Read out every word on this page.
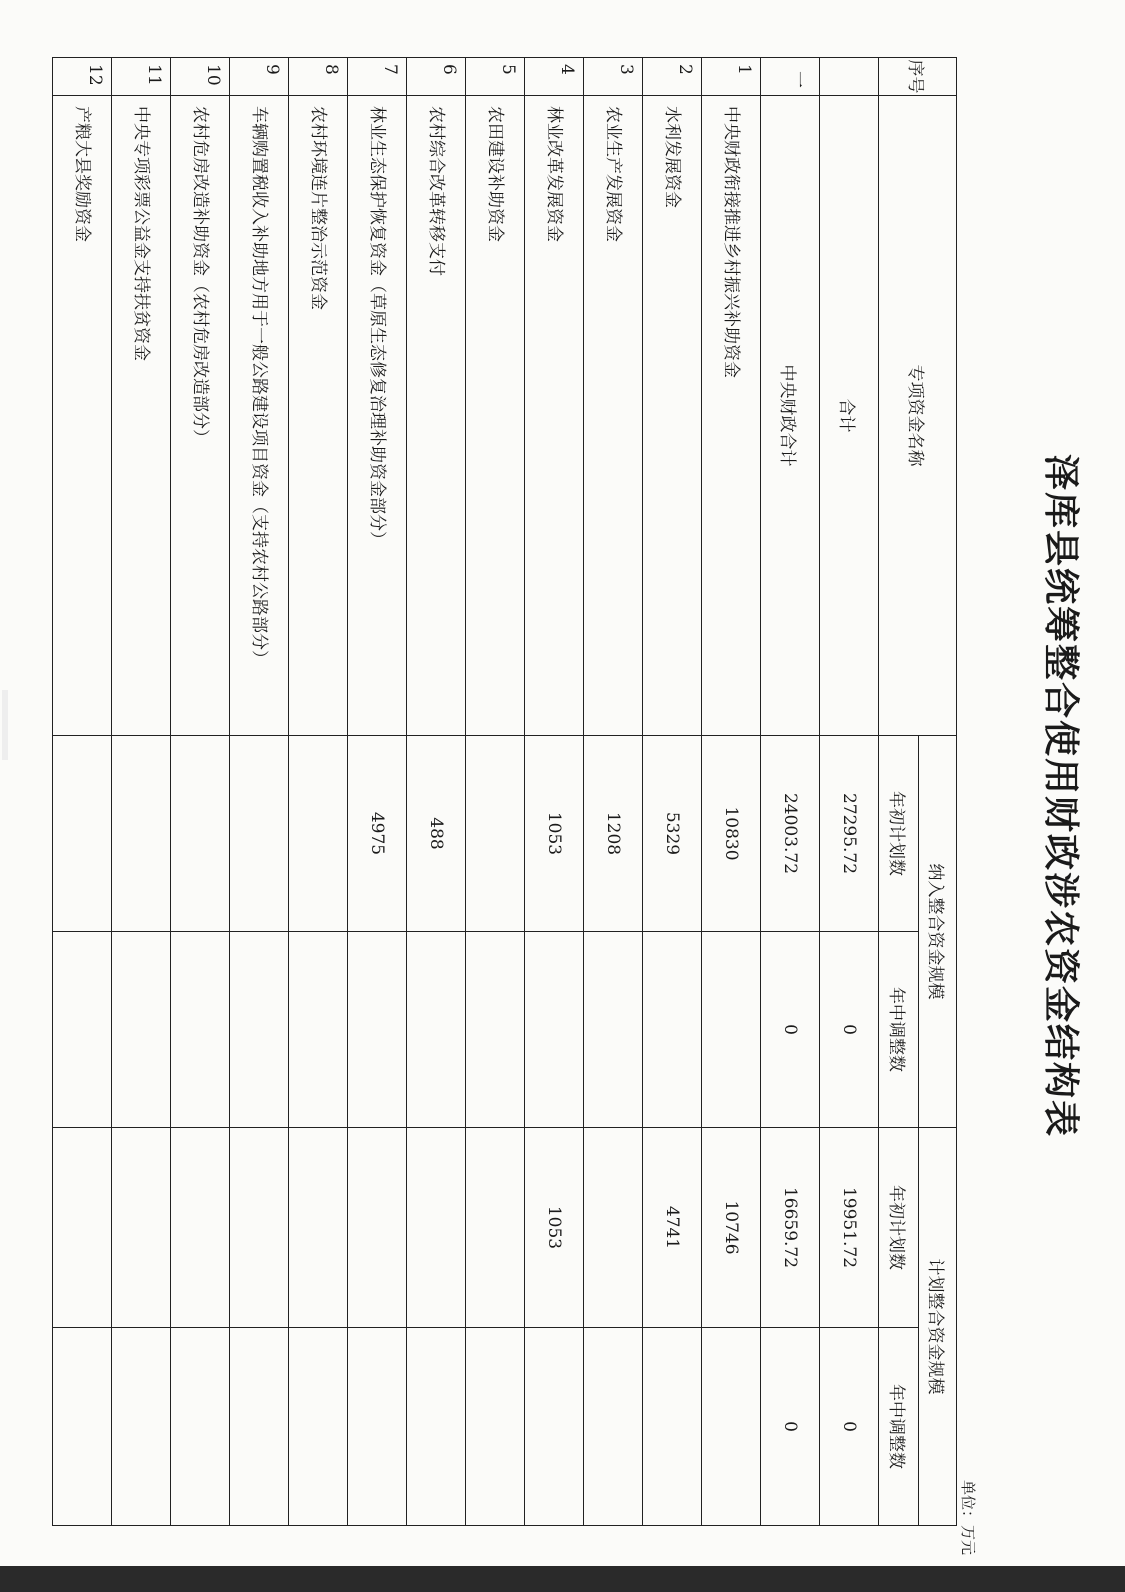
泽库县统筹整合使用财政涉农资金结构表
单位：万元
序号	专项资金名称	纳入整合资金规模		计划整合资金规模	
		年初计划数	年中调整数	年初计划数	年中调整数
	合计	27295.72	0	19951.72	0
一	中央财政合计	24003.72	0	16659.72	0
1	中央财政衔接推进乡村振兴补助资金	10830		10746	
2	水利发展资金	5329		4741	
3	农业生产发展资金	1208			
4	林业改革发展资金	1053		1053	
5	农田建设补助资金				
6	农村综合改革转移支付	488			
7	林业生态保护恢复资金（草原生态修复治理补助资金部分）	4975			
8	农村环境连片整治示范资金				
9	车辆购置税收入补助地方用于一般公路建设项目资金（支持农村公路部分）				
10	农村危房改造补助资金（农村危房改造部分）				
11	中央专项彩票公益金支持扶贫资金				
12	产粮大县奖励资金				
